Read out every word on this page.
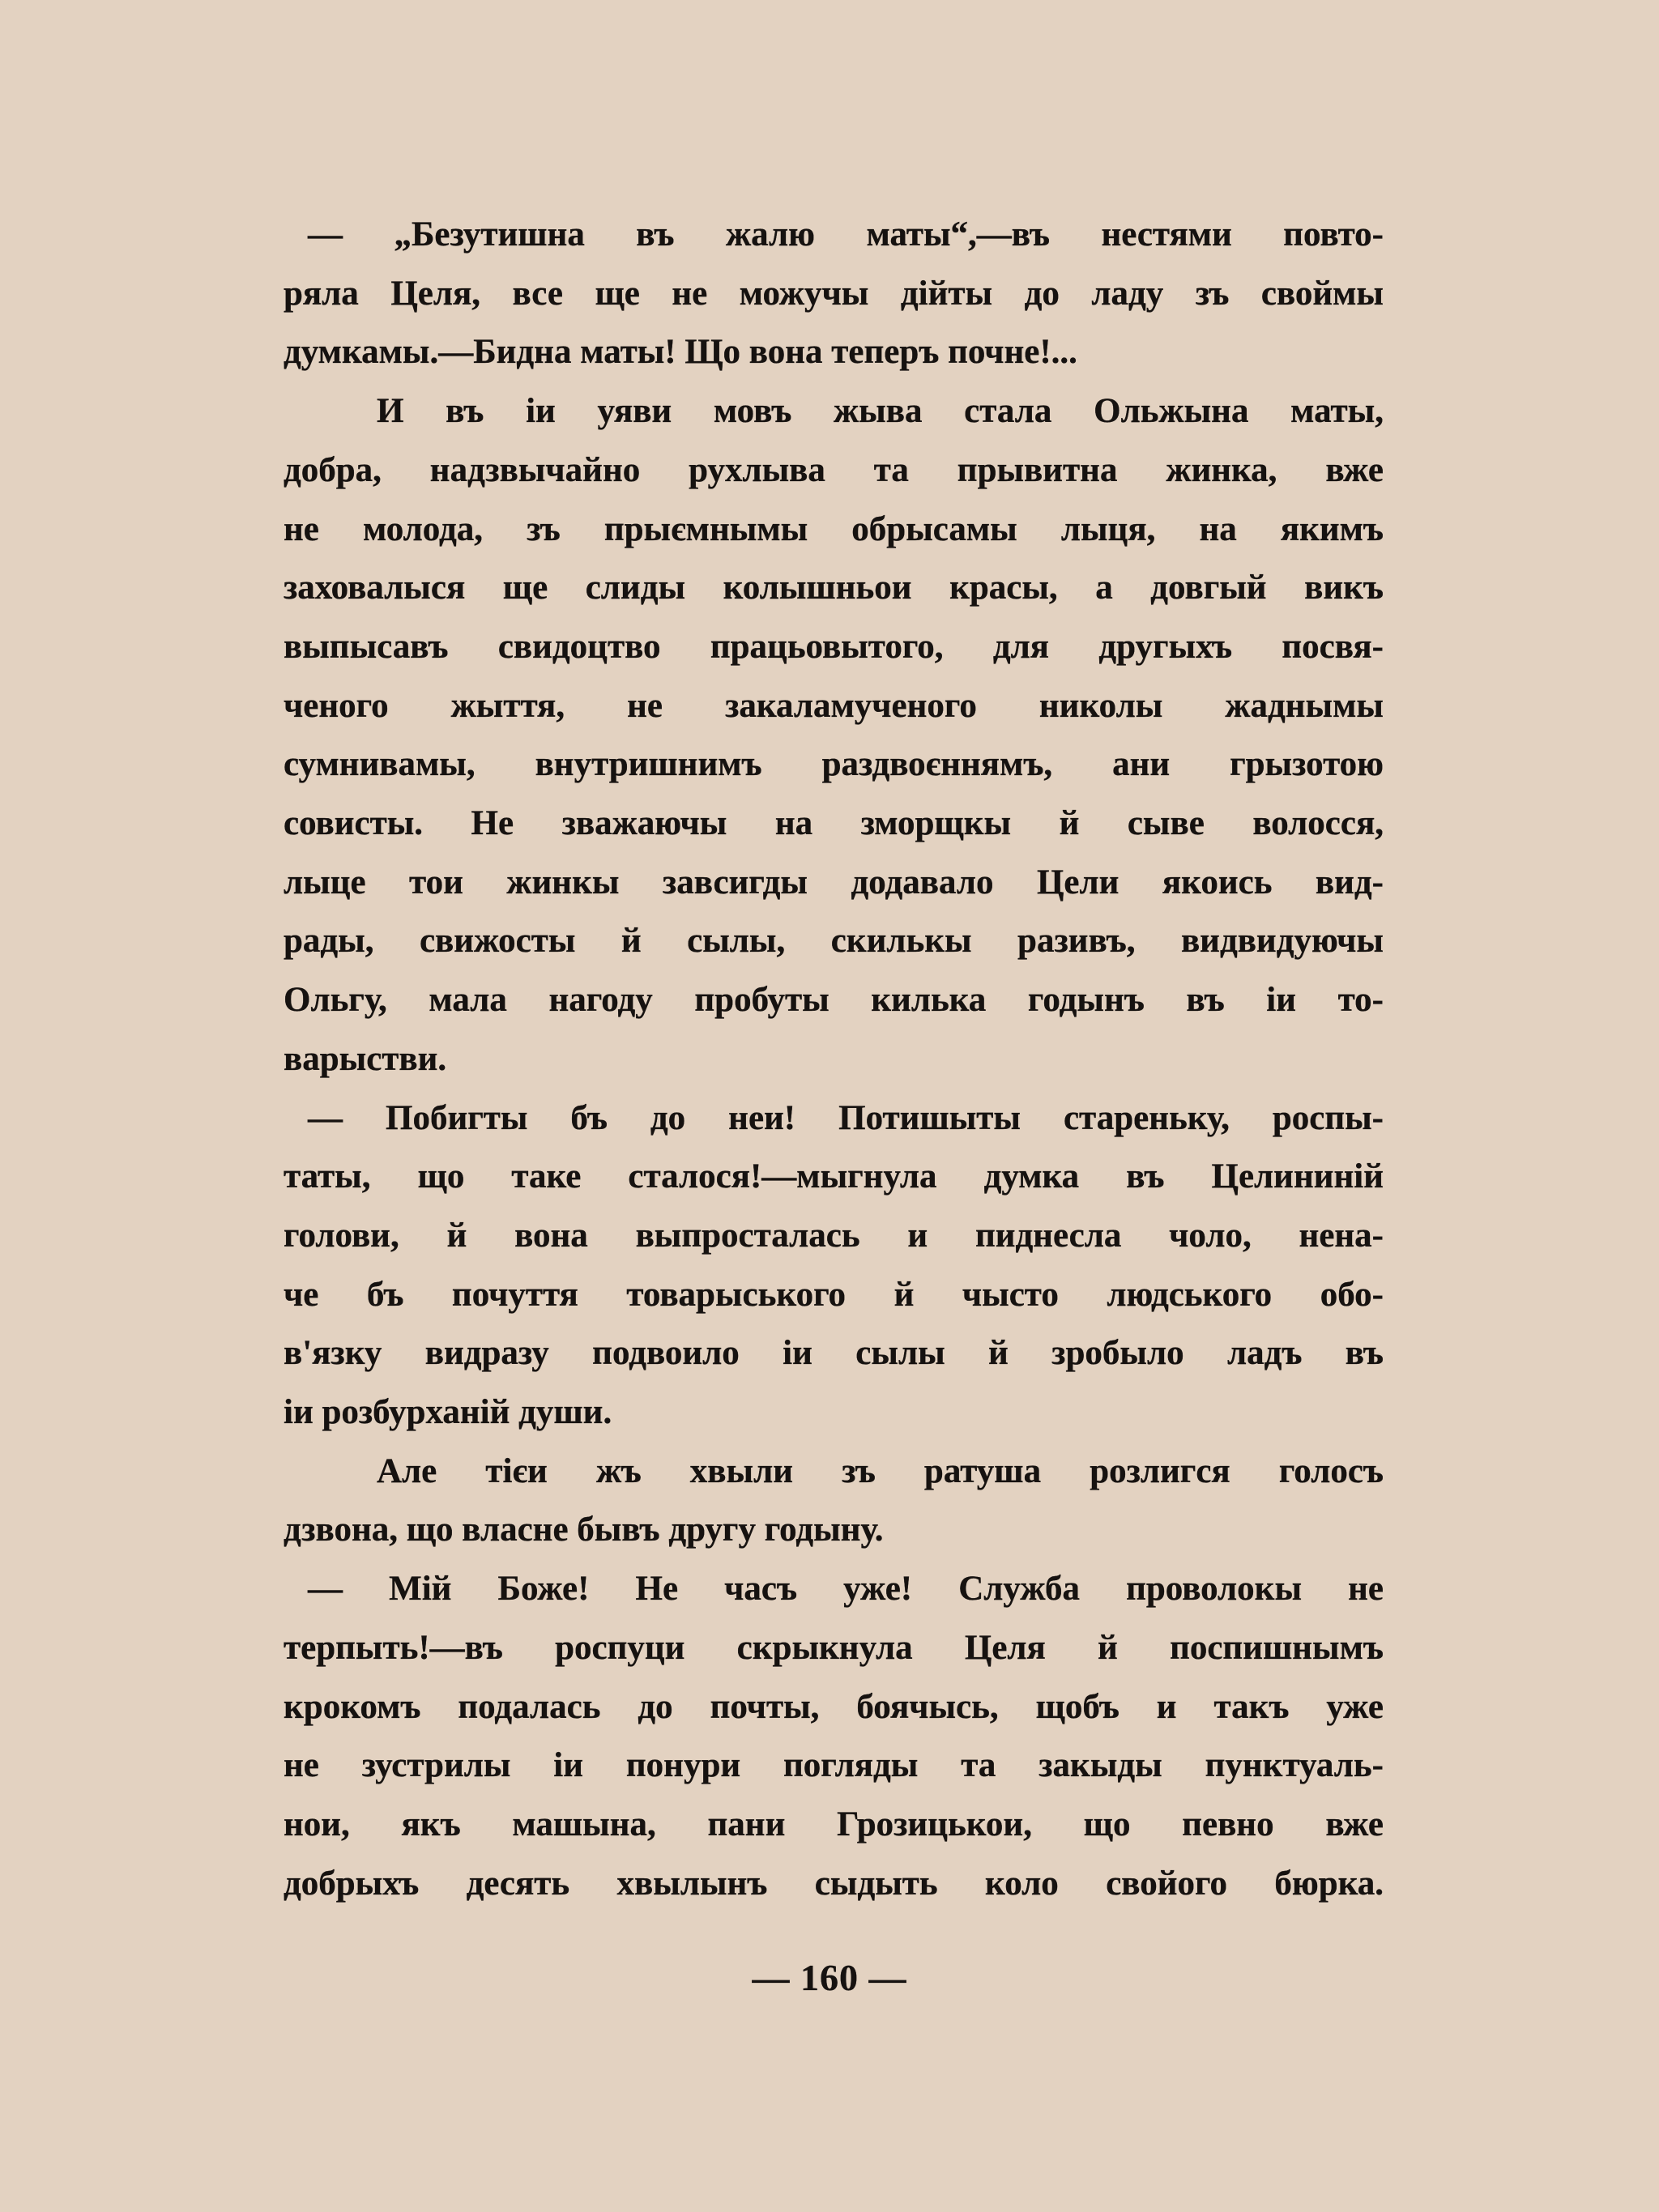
— „Безутишна въ жалю маты“,—въ нестями повто-
ряла Целя, все ще не можучы дійты до ладу зъ своймы
думкамы.—Бидна маты! Що вона теперъ почне!...
И въ іи уяви мовъ жыва стала Ольжына маты,
добра, надзвычайно рухлыва та прывитна жинка, вже
не молода, зъ прыємнымы обрысамы лыця, на якимъ
заховалыся ще слиды колышньои красы, а довгый викъ
выпысавъ свидоцтво працьовытого, для другыхъ посвя-
ченого жыття, не закаламученого николы жаднымы
сумнивамы, внутришнимъ раздвоєннямъ, ани грызотою
совисты. Не зважаючы на зморщкы й сыве волосся,
лыце тои жинкы завсигды додавало Цели якоись вид-
рады, свижосты й сылы, скилькы разивъ, видвидуючы
Ольгу, мала нагоду пробуты килька годынъ въ іи то-
варыстви.
— Побигты бъ до неи! Потишыты стареньку, роспы-
таты, що таке сталося!—мыгнула думка въ Целининій
голови, й вона выпросталась и пиднесла чоло, нена-
че бъ почуття товарыського й чысто людського обо-
в'язку видразу подвоило іи сылы й зробыло ладъ въ
іи розбурханій души.
Але тієи жъ хвыли зъ ратуша розлигся голосъ
дзвона, що власне бывъ другу годыну.
— Мій Боже! Не часъ уже! Служба проволокы не
терпыть!—въ роспуци скрыкнула Целя й поспишнымъ
крокомъ подалась до почты, боячысь, щобъ и такъ уже
не зустрилы іи понури погляды та закыды пунктуаль-
нои, якъ машына, пани Грозицькои, що певно вже
добрыхъ десять хвылынъ сыдыть коло свойого бюрка.
— 160 —
